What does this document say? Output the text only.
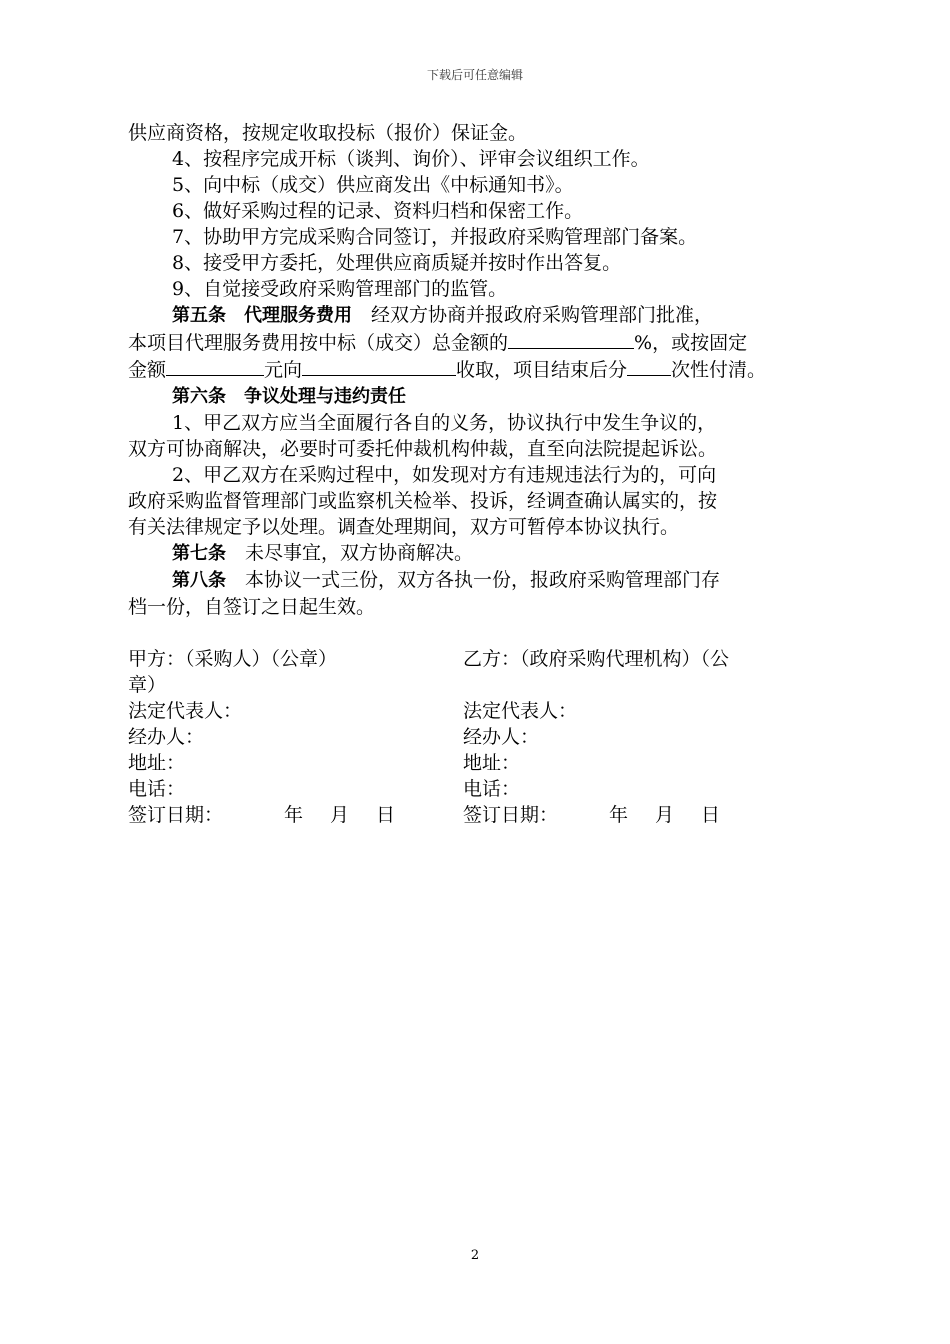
下载后可任意编辑
供应商资格，按规定收取投标（报价）保证金。
4、按程序完成开标（谈判、询价）、评审会议组织工作。
5、向中标（成交）供应商发出《中标通知书》。
6、做好采购过程的记录、资料归档和保密工作。
7、协助甲方完成采购合同签订，并报政府采购管理部门备案。
8、接受甲方委托，处理供应商质疑并按时作出答复。
9、自觉接受政府采购管理部门的监管。
第五条　代理服务费用　 经双方协商并报政府采购管理部门批准，
本项目代理服务费用按中标（成交）总金额的	%，或按固定
金额	元向	收取，项目结束后分 次性付清。
第六条　争议处理与违约责任
1、甲乙双方应当全面履行各自的义务，协议执行中发生争议的，
双方可协商解决，必要时可委托仲裁机构仲裁，直至向法院提起诉讼。
2、甲乙双方在采购过程中，如发现对方有违规违法行为的，可向
政府采购监督管理部门或监察机关检举、投诉，经调查确认属实的，按
有关法律规定予以处理。调查处理期间，双方可暂停本协议执行。
第七条　 未尽事宜，双方协商解决。
第八条　 本协议一式三份，双方各执一份，报政府采购管理部门存
档一份，自签订之日起生效。
甲方：（采购人）（公章）	乙方：（政府采购代理机构）（公
章）
法定代表人：	法定代表人：
经办人：	经办人：
地址：	地址：
电话：	电话：
签订日期：	年 月 日	签订日期：	年 月 日
2
